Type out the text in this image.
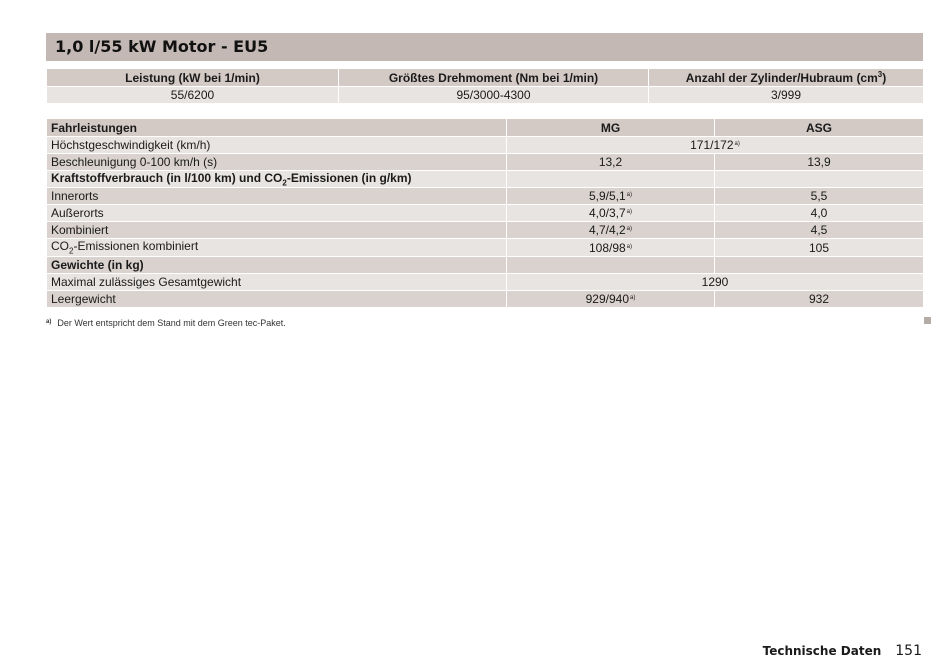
1,0 l/55 kW Motor - EU5
Leistung (kW bei 1/min)	Größtes Drehmoment (Nm bei 1/min)	Anzahl der Zylinder/Hubraum $(cm^3)$
55/6200	95/3000-4300	3/999
Fahrleistungen	MG	ASG
Höchstgeschwindigkeit (km/h)	171/172$^{a)}$
Beschleunigung 0-100 km/h (s)	13,2	13,9
Kraftstoffverbrauch (in l/100 km) und $CO_2$-Emissionen (in g/km)		
Innerorts	5,9/5,1$^{a)}$	5,5
Außerorts	4,0/3,7$^{a)}$	4,0
Kombiniert	4,7/4,2$^{a)}$	4,5
$CO_2$-Emissionen kombiniert	108/98$^{a)}$	105
Gewichte (in kg)		
Maximal zulässiges Gesamtgewicht	1290	
Leergewicht	929/940$^{a)}$	932
$^{a)}$ Der Wert entspricht dem Stand mit dem Green tec-Paket.
Technische Daten 151
